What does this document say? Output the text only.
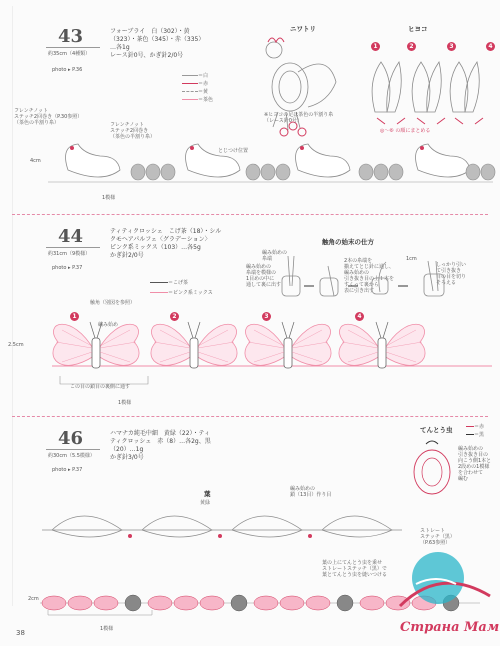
43
約35cm（4種類）
photo ▸ P.36
フォーブライ　白（302）・黄
（323）・茶色（345）・赤（335）
…各1g
レース針0号、かぎ針2/0号
＝白
＝赤
＝黄
＝茶色
ニワトリ	ヒヨコ
1	2	3	4
◎〜⑥ の順にまとめる
※ヒヨコの足は茶色の半割り糸
（レース針0号）
フレンチノット
ステッチ2回巻き（P.30参照）
（茶色の半割り糸）	フレンチノット
ステッチ2回巻き
（茶色の半割り糸）
とじつけ位置
4cm
1模様
44
約31cm（9模様）
photo ▸ P.37
ティティクロッシェ　こげ茶（18）・シル
クモヘアパルフェ〈グラデーション〉
ピンク系ミックス（103）…各5g
かぎ針2/0号
＝こげ茶
＝ピンク系ミックス
触角の始末の仕方
編み始めの
糸端
編み始めの
糸端を模様の
1目めの中に
通して裏に出す
2本の糸端を
揃えてとじ針に通し、
編み始めの
引き抜き目の上１本を
すくって裏から
表に引き出す
しっかり引い
て引き抜き
目の目を切り
そろえる
1cm
触角（別図を参照）
編み始め
2.5cm
この目の鎖目の裏側に通す
1模様
1	2	3	4
46
約30cm（5.5模様）
photo ▸ P.37
ハマナカ純毛中細　黄緑（22）・ティ
ティクロッシェ　赤（8）…各2g、黒
（20）…1g
かぎ針3/0号
てんとう虫	＝赤
＝黒
編み始めの
引き抜き目の
向こう側1本と
2段めの1模様
を合わせて
編む
葉
黄緑
編み始めの
鎖（13目）作り目
ストレート
ステッチ（黒）
（P.63参照）
葉の上にてんとう虫を乗せ
ストレートステッチ（黒）で
葉とてんとう虫を縫いつける
2cm
1模様
38	Страна Мам
